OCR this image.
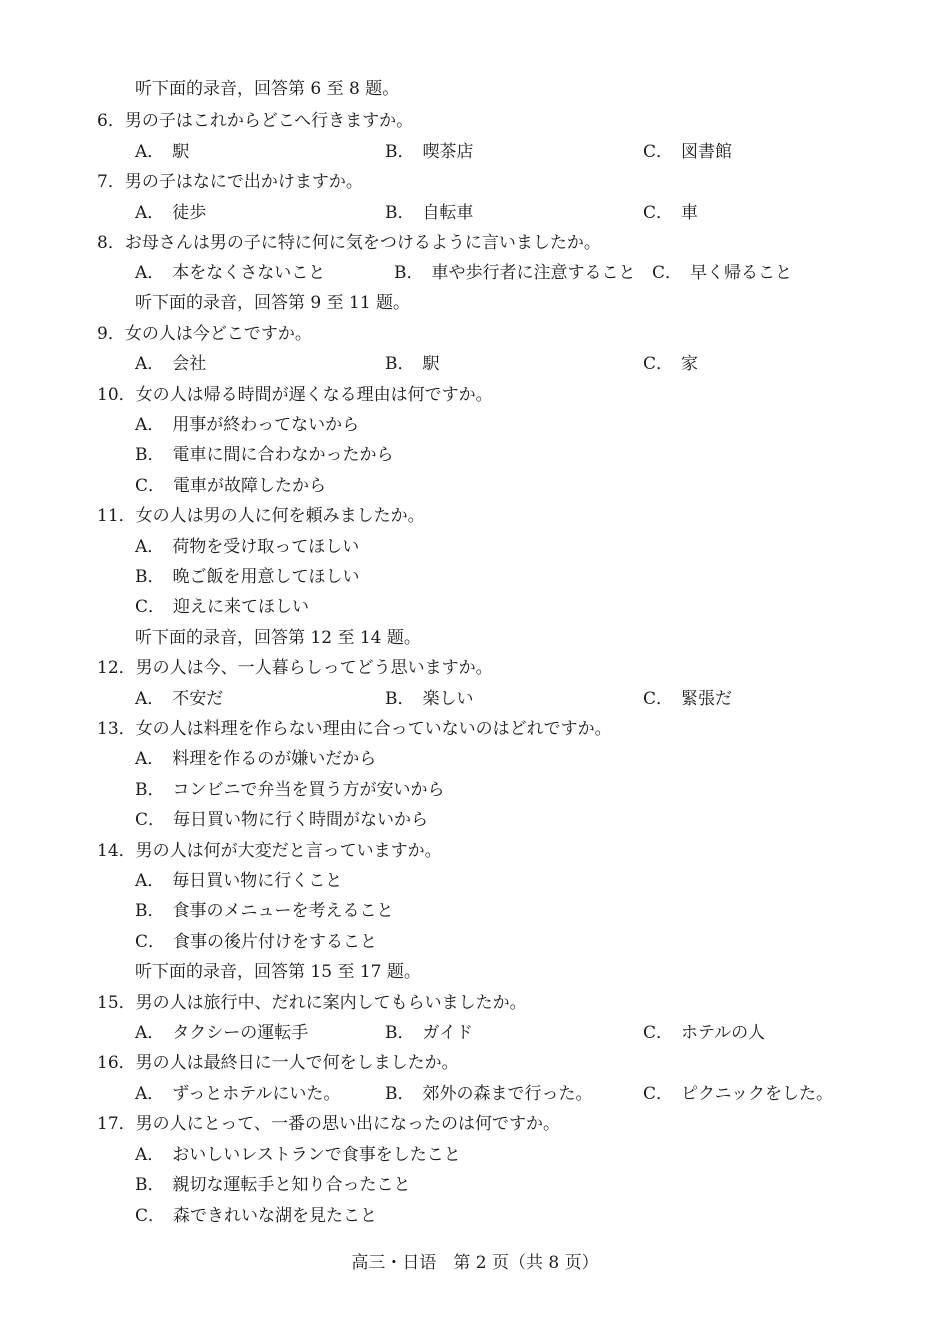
听下面的录音，回答第 6 至 8 题。
6．男の子はこれからどこへ行きますか。
A． 駅	B． 喫茶店	C． 図書館
7．男の子はなにで出かけますか。
A． 徒歩	B． 自転車	C． 車
8．お母さんは男の子に特に何に気をつけるように言いましたか。
A． 本をなくさないこと	B． 車や歩行者に注意すること C． 早く帰ること
听下面的录音，回答第 9 至 11 题。
9．女の人は今どこですか。
A． 会社	B． 駅	C． 家
10．女の人は帰る時間が遅くなる理由は何ですか。
A． 用事が終わってないから
B． 電車に間に合わなかったから
C． 電車が故障したから
11．女の人は男の人に何を頼みましたか。
A． 荷物を受け取ってほしい
B． 晩ご飯を用意してほしい
C． 迎えに来てほしい
听下面的录音，回答第 12 至 14 题。
12．男の人は今、一人暮らしってどう思いますか。
A． 不安だ	B． 楽しい	C． 緊張だ
13．女の人は料理を作らない理由に合っていないのはどれですか。
A． 料理を作るのが嫌いだから
B． コンビニで弁当を買う方が安いから
C． 毎日買い物に行く時間がないから
14．男の人は何が大変だと言っていますか。
A． 毎日買い物に行くこと
B． 食事のメニューを考えること
C． 食事の後片付けをすること
听下面的录音，回答第 15 至 17 题。
15．男の人は旅行中、だれに案内してもらいましたか。
A． タクシーの運転手	B． ガイド	C． ホテルの人
16．男の人は最終日に一人で何をしましたか。
A． ずっとホテルにいた。	B． 郊外の森まで行った。	C． ピクニックをした。
17．男の人にとって、一番の思い出になったのは何ですか。
A． おいしいレストランで食事をしたこと
B． 親切な運転手と知り合ったこと
C． 森できれいな湖を見たこと
高三・日语　第 2 页（共 8 页）
